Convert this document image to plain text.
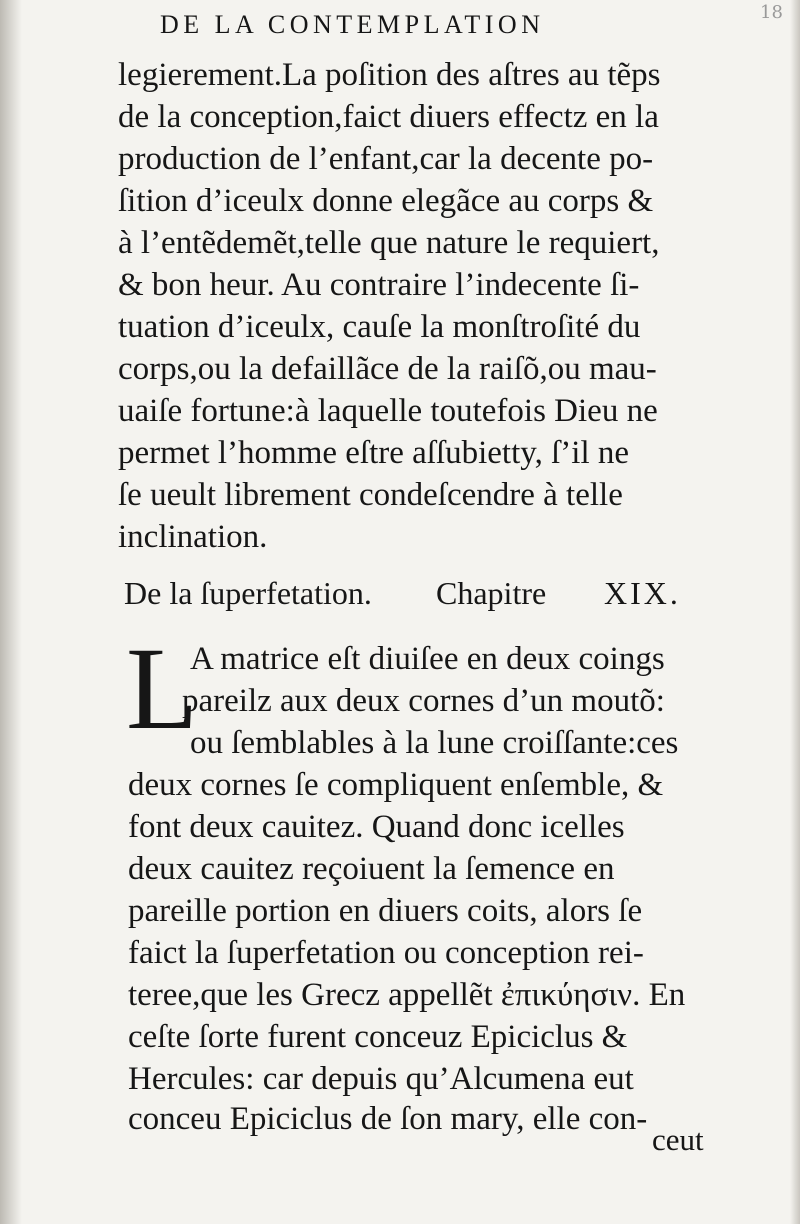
DE LA CONTEMPLATION	18
legierement.La poſition des aſtres au tẽps
de la conception,faict diuers effectz en la
production de l’enfant,car la decente po-
ſition d’iceulx donne elegãce au corps &
à l’entẽdemẽt,telle que nature le requiert,
& bon heur. Au contraire l’indecente ſi-
tuation d’iceulx, cauſe la monſtroſité du
corps,ou la defaillãce de la raiſõ,ou mau-
uaiſe fortune:à laquelle toutefois Dieu ne
permet l’homme eſtre aſſubietty, ſ’il ne
ſe ueult librement condeſcendre à telle
inclination.
De la ſuperfetation. Chapitre XIX.
L
A matrice eſt diuiſee en deux coings
pareilz aux deux cornes d’un moutõ:
ou ſemblables à la lune croiſſante:ces
deux cornes ſe compliquent enſemble, &
font deux cauitez. Quand donc icelles
deux cauitez reçoiuent la ſemence en
pareille portion en diuers coits, alors ſe
faict la ſuperfetation ou conception rei-
teree,que les Grecz appellẽt ἐπικύησιν. En
ceſte ſorte furent conceuz Epiciclus &
Hercules: car depuis qu’Alcumena eut
conceu Epiciclus de ſon mary, elle con-
ceut
